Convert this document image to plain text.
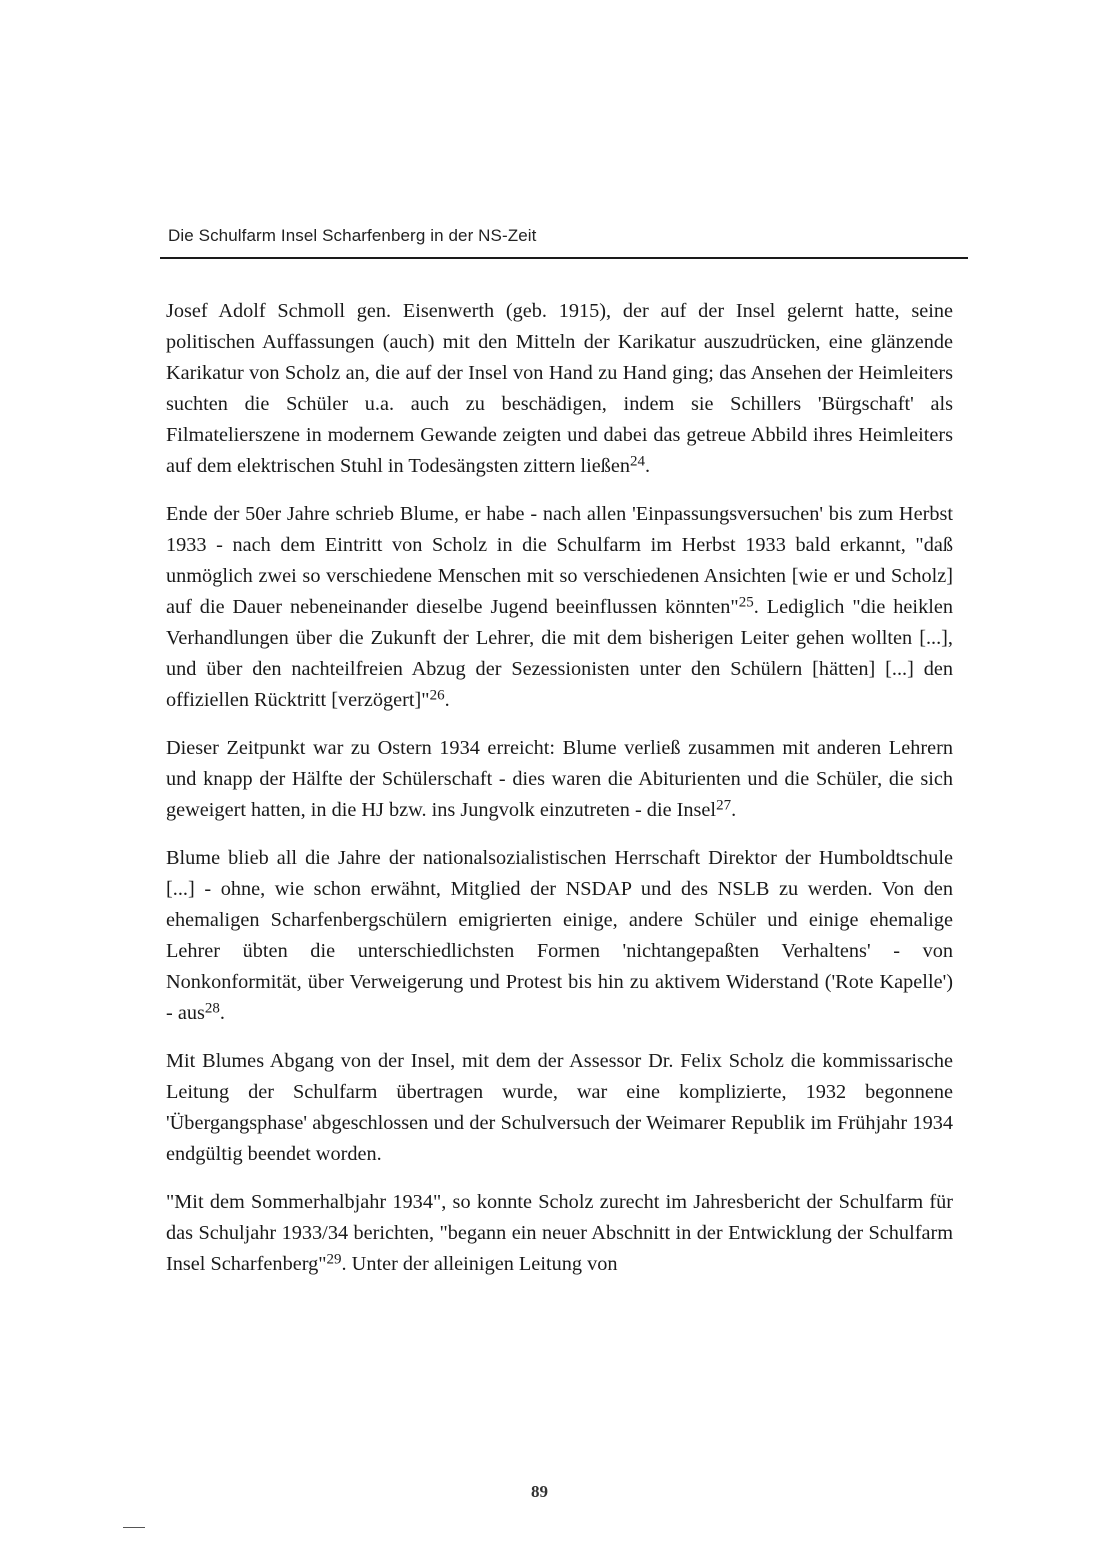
Die Schulfarm Insel Scharfenberg in der NS-Zeit

Josef Adolf Schmoll gen. Eisenwerth (geb. 1915), der auf der Insel gelernt hatte, seine politischen Auffassungen (auch) mit den Mitteln der Karikatur auszudrücken, eine glänzende Karikatur von Scholz an, die auf der Insel von Hand zu Hand ging; das Ansehen der Heimleiters suchten die Schüler u.a. auch zu beschädigen, indem sie Schillers 'Bürgschaft' als Filmatelierszene in modernem Gewande zeigten und dabei das getreue Abbild ihres Heimleiters auf dem elektrischen Stuhl in Todesängsten zittern ließen$^{24}$.

Ende der 50er Jahre schrieb Blume, er habe - nach allen 'Einpassungsversuchen' bis zum Herbst 1933 - nach dem Eintritt von Scholz in die Schulfarm im Herbst 1933 bald erkannt, "daß unmöglich zwei so verschiedene Menschen mit so verschiedenen Ansichten [wie er und Scholz] auf die Dauer nebeneinander dieselbe Jugend beeinflussen könnten"$^{25}$. Lediglich "die heiklen Verhandlungen über die Zukunft der Lehrer, die mit dem bisherigen Leiter gehen wollten [...], und über den nachteilfreien Abzug der Sezessionisten unter den Schülern [hätten] [...] den offiziellen Rücktritt [verzögert]"$^{26}$.

Dieser Zeitpunkt war zu Ostern 1934 erreicht: Blume verließ zusammen mit anderen Lehrern und knapp der Hälfte der Schülerschaft - dies waren die Abiturienten und die Schüler, die sich geweigert hatten, in die HJ bzw. ins Jungvolk einzutreten - die Insel$^{27}$.

Blume blieb all die Jahre der nationalsozialistischen Herrschaft Direktor der Humboldtschule [...] - ohne, wie schon erwähnt, Mitglied der NSDAP und des NSLB zu werden. Von den ehemaligen Scharfenbergschülern emigrierten einige, andere Schüler und einige ehemalige Lehrer übten die unterschiedlichsten Formen 'nichtangepaßten Verhaltens' - von Nonkonformität, über Verweigerung und Protest bis hin zu aktivem Widerstand ('Rote Kapelle') - aus$^{28}$.

Mit Blumes Abgang von der Insel, mit dem der Assessor Dr. Felix Scholz die kommissarische Leitung der Schulfarm übertragen wurde, war eine komplizierte, 1932 begonnene 'Übergangsphase' abgeschlossen und der Schulversuch der Weimarer Republik im Frühjahr 1934 endgültig beendet worden.

"Mit dem Sommerhalbjahr 1934", so konnte Scholz zurecht im Jahresbericht der Schulfarm für das Schuljahr 1933/34 berichten, "begann ein neuer Abschnitt in der Entwicklung der Schulfarm Insel Scharfenberg"$^{29}$. Unter der alleinigen Leitung von

89
